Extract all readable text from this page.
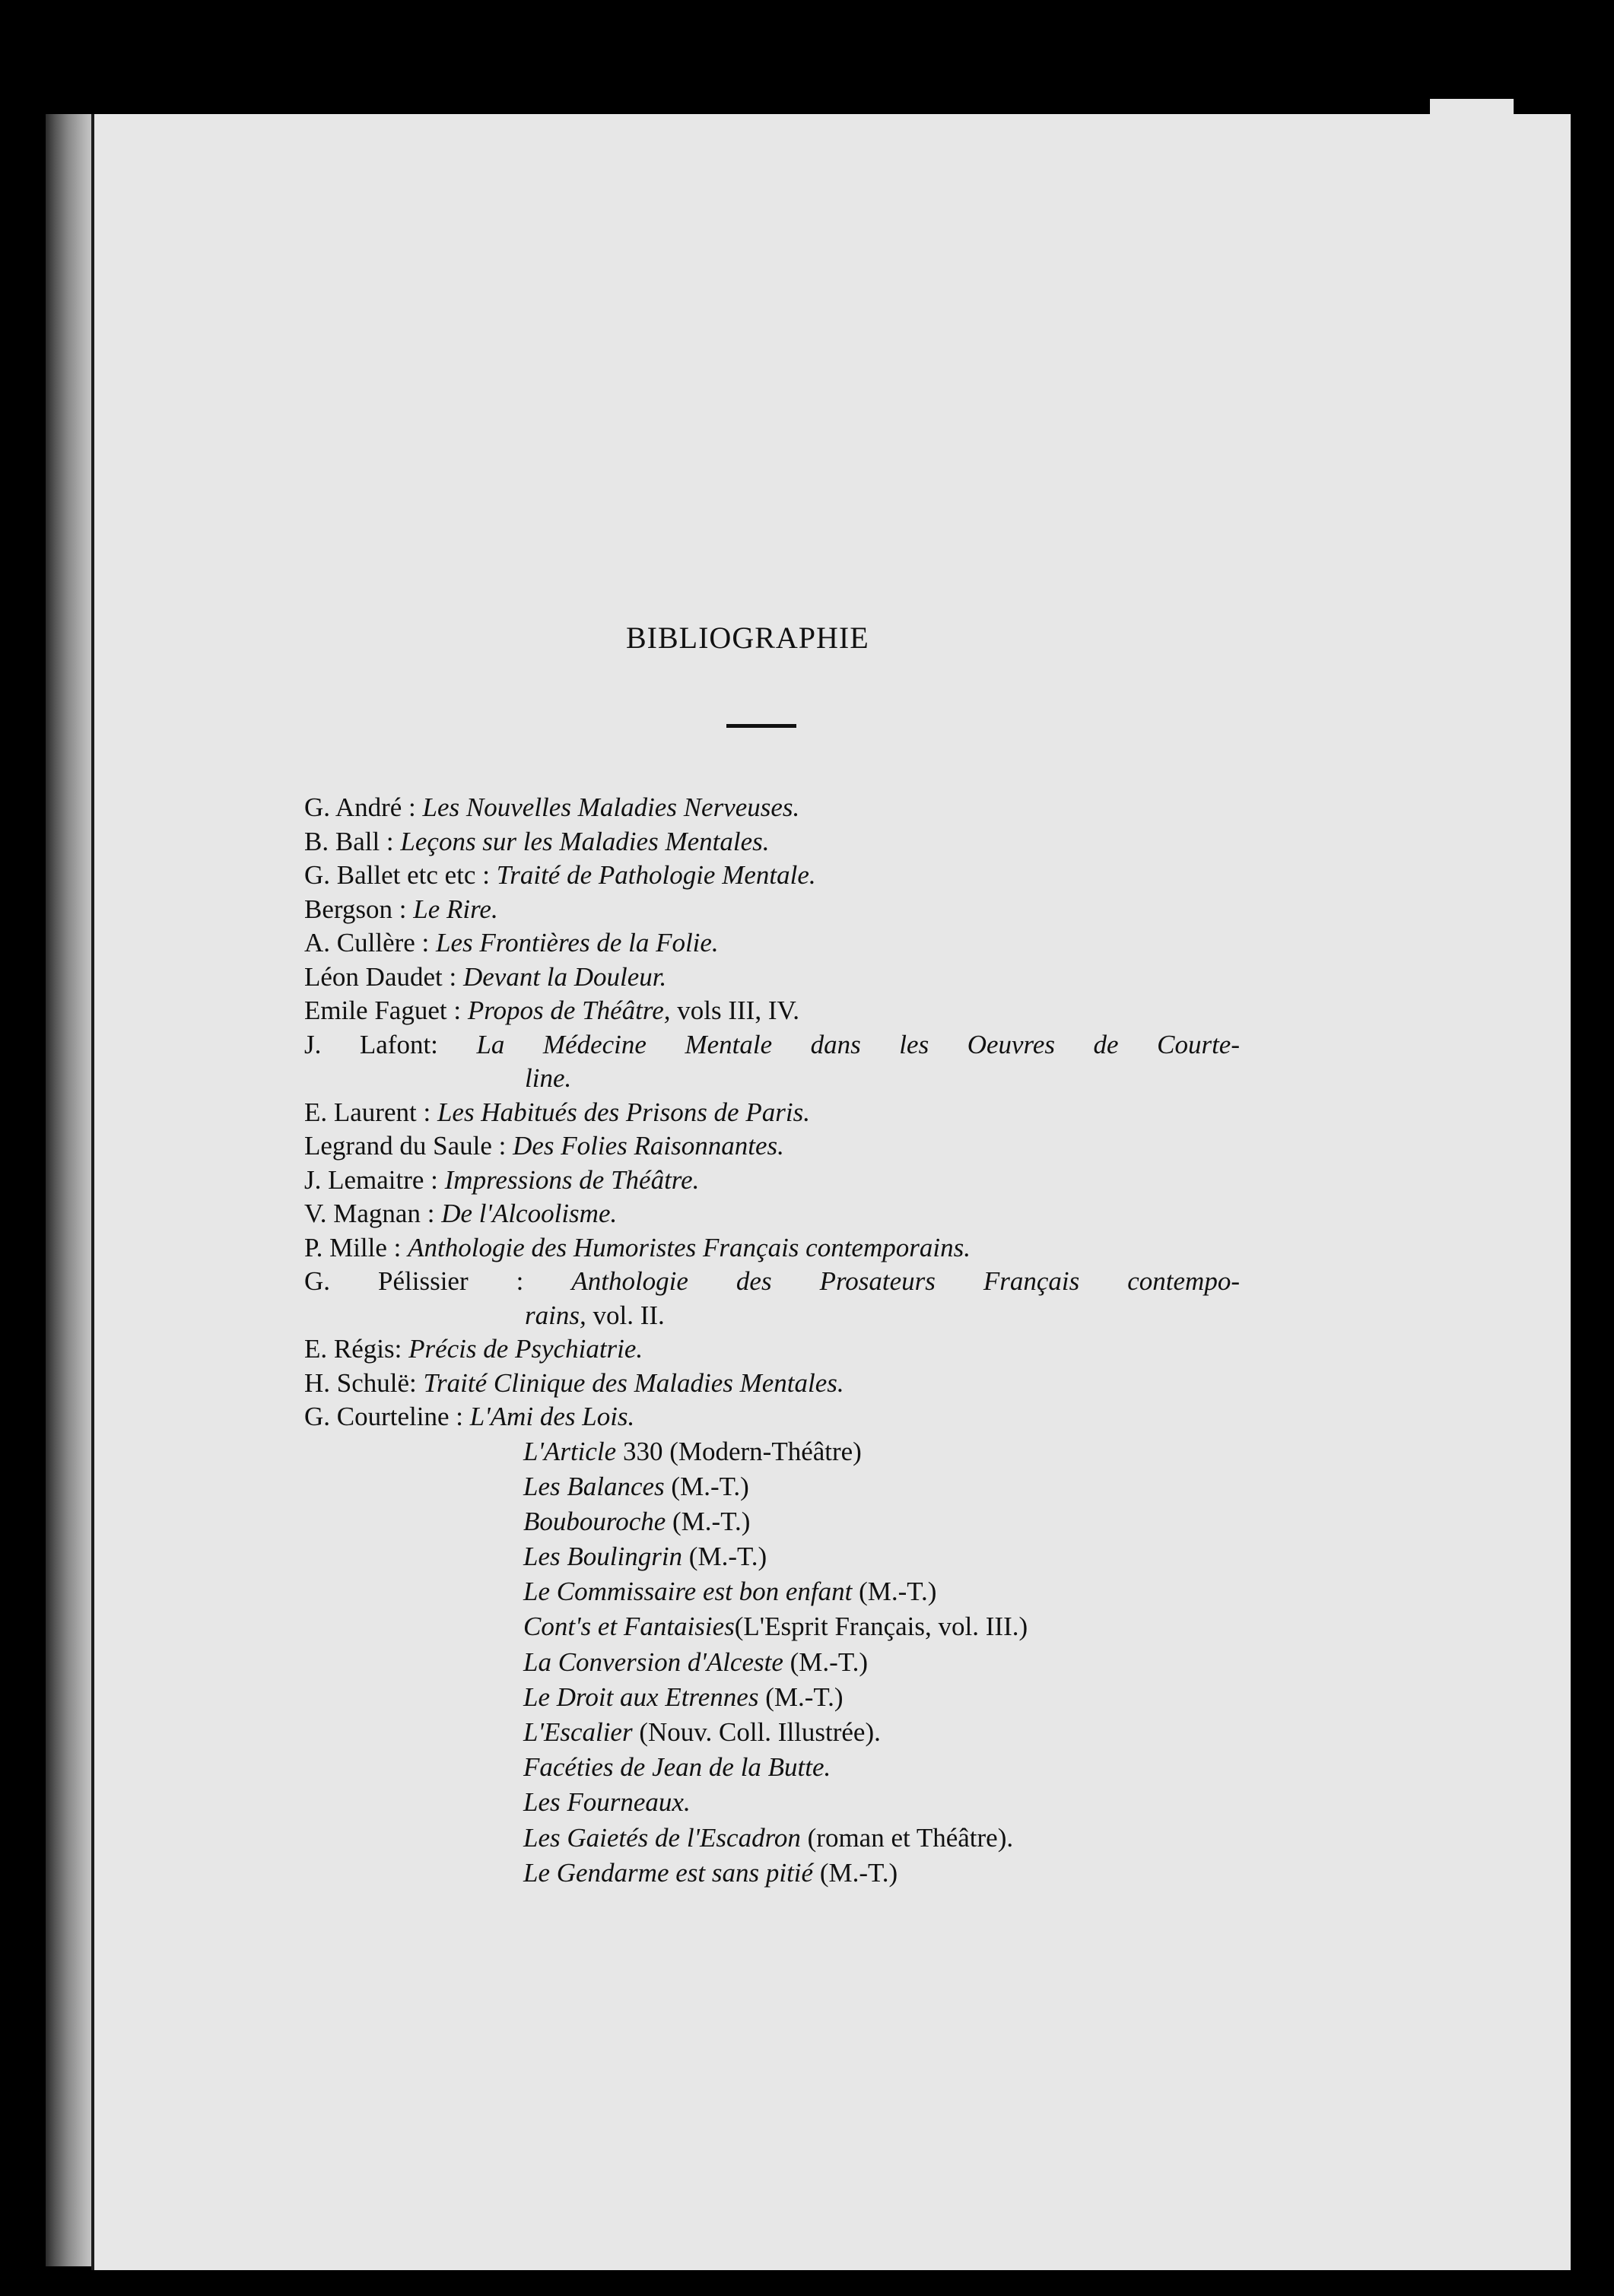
BIBLIOGRAPHIE
G. André : Les Nouvelles Maladies Nerveuses.
B. Ball : Leçons sur les Maladies Mentales.
G. Ballet etc etc : Traité de Pathologie Mentale.
Bergson : Le Rire.
A. Cullère : Les Frontières de la Folie.
Léon Daudet : Devant la Douleur.
Emile Faguet : Propos de Théâtre, vols III, IV.
J. Lafont: La Médecine Mentale dans les Oeuvres de Courte-
line.
E. Laurent : Les Habitués des Prisons de Paris.
Legrand du Saule : Des Folies Raisonnantes.
J. Lemaitre : Impressions de Théâtre.
V. Magnan : De l'Alcoolisme.
P. Mille : Anthologie des Humoristes Français contemporains.
G. Pélissier : Anthologie des Prosateurs Français contempo-
rains, vol. II.
E. Régis: Précis de Psychiatrie.
H. Schulë: Traité Clinique des Maladies Mentales.
G. Courteline : L'Ami des Lois.
L'Article 330 (Modern-Théâtre)
Les Balances (M.-T.)
Boubouroche (M.-T.)
Les Boulingrin (M.-T.)
Le Commissaire est bon enfant (M.-T.)
Cont's et Fantaisies(L'Esprit Français, vol. III.)
La Conversion d'Alceste (M.-T.)
Le Droit aux Etrennes (M.-T.)
L'Escalier (Nouv. Coll. Illustrée).
Facéties de Jean de la Butte.
Les Fourneaux.
Les Gaietés de l'Escadron (roman et Théâtre).
Le Gendarme est sans pitié (M.-T.)
